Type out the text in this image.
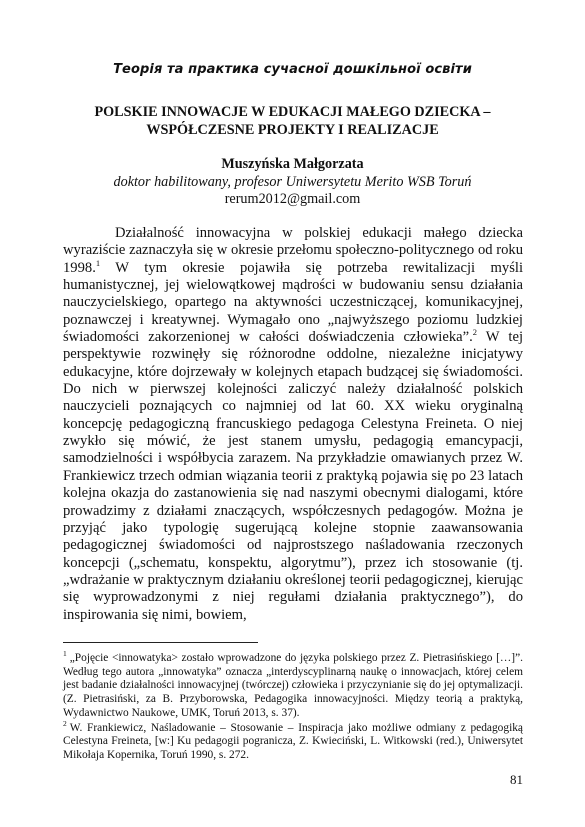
Теорія та практика сучасної дошкільної освіти
POLSKIE INNOWACJE W EDUKACJI MAŁEGO DZIECKA –
WSPÓŁCZESNE PROJEKTY I REALIZACJE
Muszyńska Małgorzata
doktor habilitowany, profesor Uniwersytetu Merito WSB Toruń
rerum2012@gmail.com

Działalność innowacyjna w polskiej edukacji małego dziecka wyraziście zaznaczyła się w okresie przełomu społeczno-politycznego od roku 1998.$^1$ W tym okresie pojawiła się potrzeba rewitalizacji myśli humanistycznej, jej wielowątkowej mądrości w budowaniu sensu działania nauczycielskiego, opartego na aktywności uczestniczącej, komunikacyjnej, poznawczej i kreatywnej. Wymagało ono „najwyższego poziomu ludzkiej świadomości zakorzenionej w całości doświadczenia człowieka”.$^2$ W tej perspektywie rozwinęły się różnorodne oddolne, niezależne inicjatywy edukacyjne, które dojrzewały w kolejnych etapach budzącej się świadomości. Do nich w pierwszej kolejności zaliczyć należy działalność polskich nauczycieli poznających co najmniej od lat 60. XX wieku oryginalną koncepcję pedagogiczną francuskiego pedagoga Celestyna Freineta. O niej zwykło się mówić, że jest stanem umysłu, pedagogią emancypacji, samodzielności i współbycia zarazem. Na przykładzie omawianych przez W. Frankiewicz trzech odmian wiązania teorii z praktyką pojawia się po 23 latach kolejna okazja do zastanowienia się nad naszymi obecnymi dialogami, które prowadzimy z działami znaczących, współczesnych pedagogów. Można je przyjąć jako typologię sugerującą kolejne stopnie zaawansowania pedagogicznej świadomości od najprostszego naśladowania rzeczonych koncepcji („schematu, konspektu, algorytmu”), przez ich stosowanie (tj. „wdrażanie w praktycznym działaniu określonej teorii pedagogicznej, kierując się wyprowadzonymi z niej regułami działania praktycznego”), do inspirowania się nimi, bowiem,

$^1$ „Pojęcie <innowatyka> zostało wprowadzone do języka polskiego przez Z. Pietrasińskiego […]”. Według tego autora „innowatyka” oznacza „interdyscyplinarną naukę o innowacjach, której celem jest badanie działalności innowacyjnej (twórczej) człowieka i przyczynianie się do jej optymalizacji. (Z. Pietrasiński, za B. Przyborowska, Pedagogika innowacyjności. Między teorią a praktyką, Wydawnictwo Naukowe, UMK, Toruń 2013, s. 37).

$^2$ W. Frankiewicz, Naśladowanie – Stosowanie – Inspiracja jako możliwe odmiany z pedagogiką Celestyna Freineta, [w:] Ku pedagogii pogranicza, Z. Kwieciński, L. Witkowski (red.), Uniwersytet Mikołaja Kopernika, Toruń 1990, s. 272.

81
